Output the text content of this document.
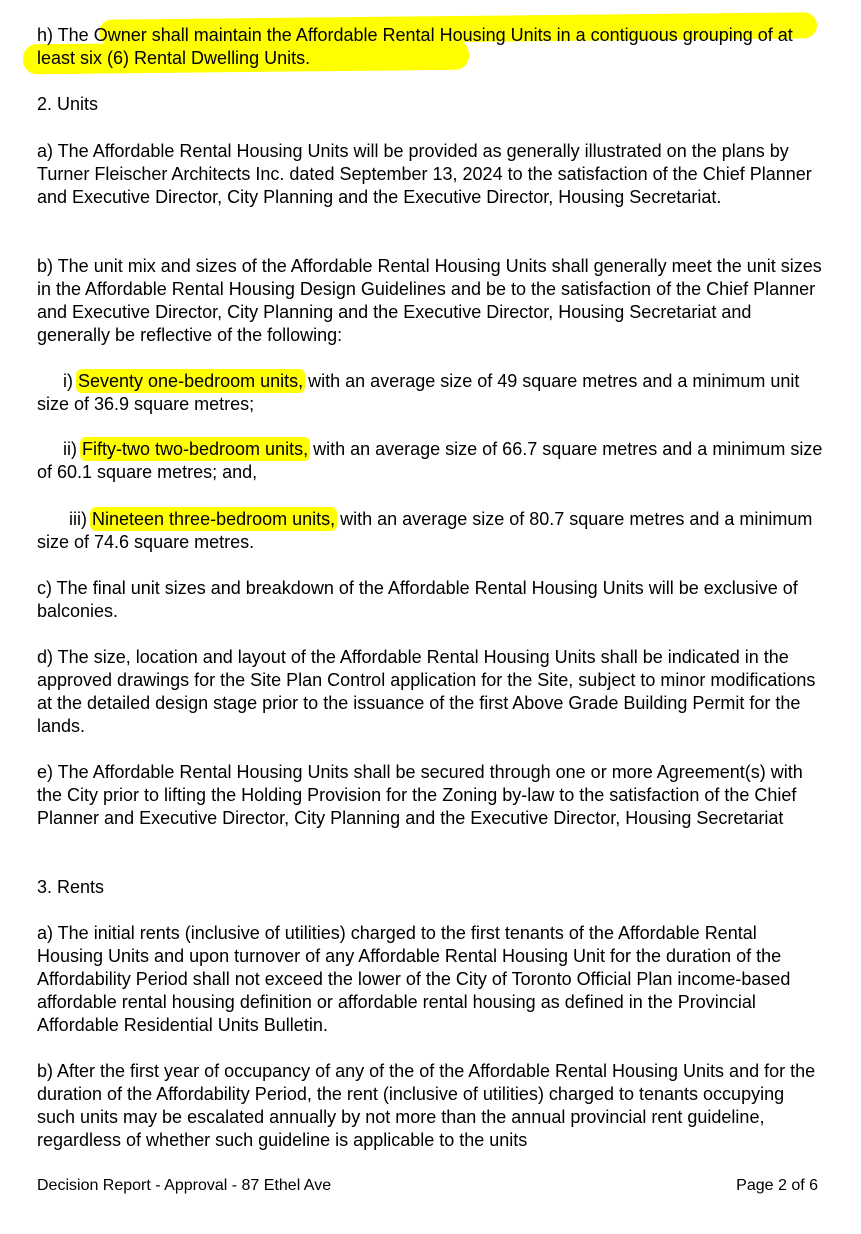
h) The Owner shall maintain the Affordable Rental Housing Units in a contiguous grouping of at least six (6) Rental Dwelling Units.

2. Units

a) The Affordable Rental Housing Units will be provided as generally illustrated on the plans by Turner Fleischer Architects Inc. dated September 13, 2024 to the satisfaction of the Chief Planner and Executive Director, City Planning and the Executive Director, Housing Secretariat.

b) The unit mix and sizes of the Affordable Rental Housing Units shall generally meet the unit sizes in the Affordable Rental Housing Design Guidelines and be to the satisfaction of the Chief Planner and Executive Director, City Planning and the Executive Director, Housing Secretariat and generally be reflective of the following:

i) Seventy one-bedroom units, with an average size of 49 square metres and a minimum unit size of 36.9 square metres;

ii) Fifty-two two-bedroom units, with an average size of 66.7 square metres and a minimum size of 60.1 square metres; and,

iii) Nineteen three-bedroom units, with an average size of 80.7 square metres and a minimum size of 74.6 square metres.

c) The final unit sizes and breakdown of the Affordable Rental Housing Units will be exclusive of balconies.

d) The size, location and layout of the Affordable Rental Housing Units shall be indicated in the approved drawings for the Site Plan Control application for the Site, subject to minor modifications at the detailed design stage prior to the issuance of the first Above Grade Building Permit for the lands.

e) The Affordable Rental Housing Units shall be secured through one or more Agreement(s) with the City prior to lifting the Holding Provision for the Zoning by-law to the satisfaction of the Chief Planner and Executive Director, City Planning and the Executive Director, Housing Secretariat

3. Rents

a) The initial rents (inclusive of utilities) charged to the first tenants of the Affordable Rental Housing Units and upon turnover of any Affordable Rental Housing Unit for the duration of the Affordability Period shall not exceed the lower of the City of Toronto Official Plan income-based affordable rental housing definition or affordable rental housing as defined in the Provincial Affordable Residential Units Bulletin.

b) After the first year of occupancy of any of the of the Affordable Rental Housing Units and for the duration of the Affordability Period, the rent (inclusive of utilities) charged to tenants occupying such units may be escalated annually by not more than the annual provincial rent guideline, regardless of whether such guideline is applicable to the units

Decision Report - Approval - 87 Ethel Ave	Page 2 of 6
